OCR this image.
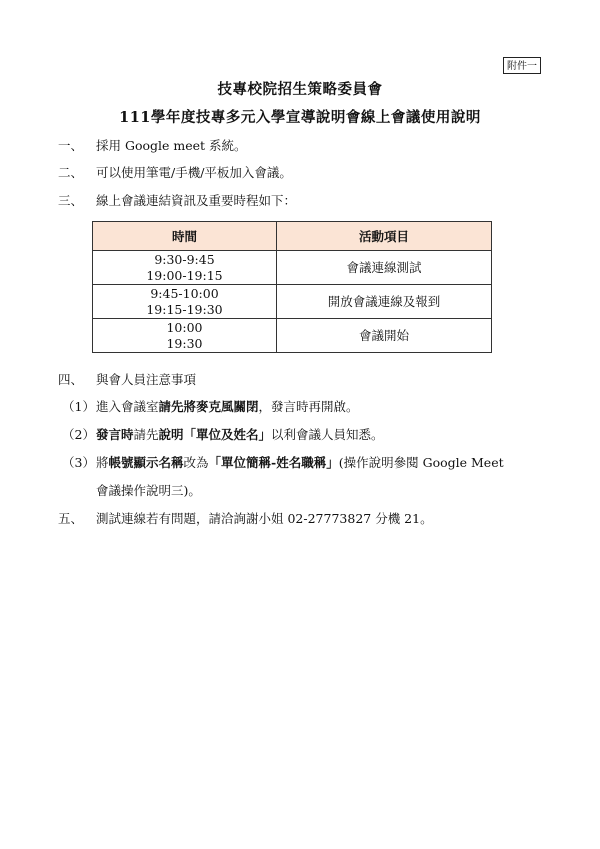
附件一
技專校院招生策略委員會
111學年度技專多元入學宣導說明會線上會議使用說明
一、 採用 Google meet 系統。
二、 可以使用筆電/手機/平板加入會議。
三、 線上會議連結資訊及重要時程如下：
時間	活動項目

9:30-9:45
19:00-19:15	會議連線測試

9:45-10:00
19:15-19:30	開放會議連線及報到

10:00
19:30	會議開始
四、 與會人員注意事項
（1）進入會議室請先將麥克風關閉，發言時再開啟。
（2）發言時請先說明「單位及姓名」以利會議人員知悉。
（3）將帳號顯示名稱改為「單位簡稱-姓名職稱」(操作說明參閱 Google Meet
會議操作說明三)。
五、 測試連線若有問題，請洽詢謝小姐 02-27773827 分機 21。
